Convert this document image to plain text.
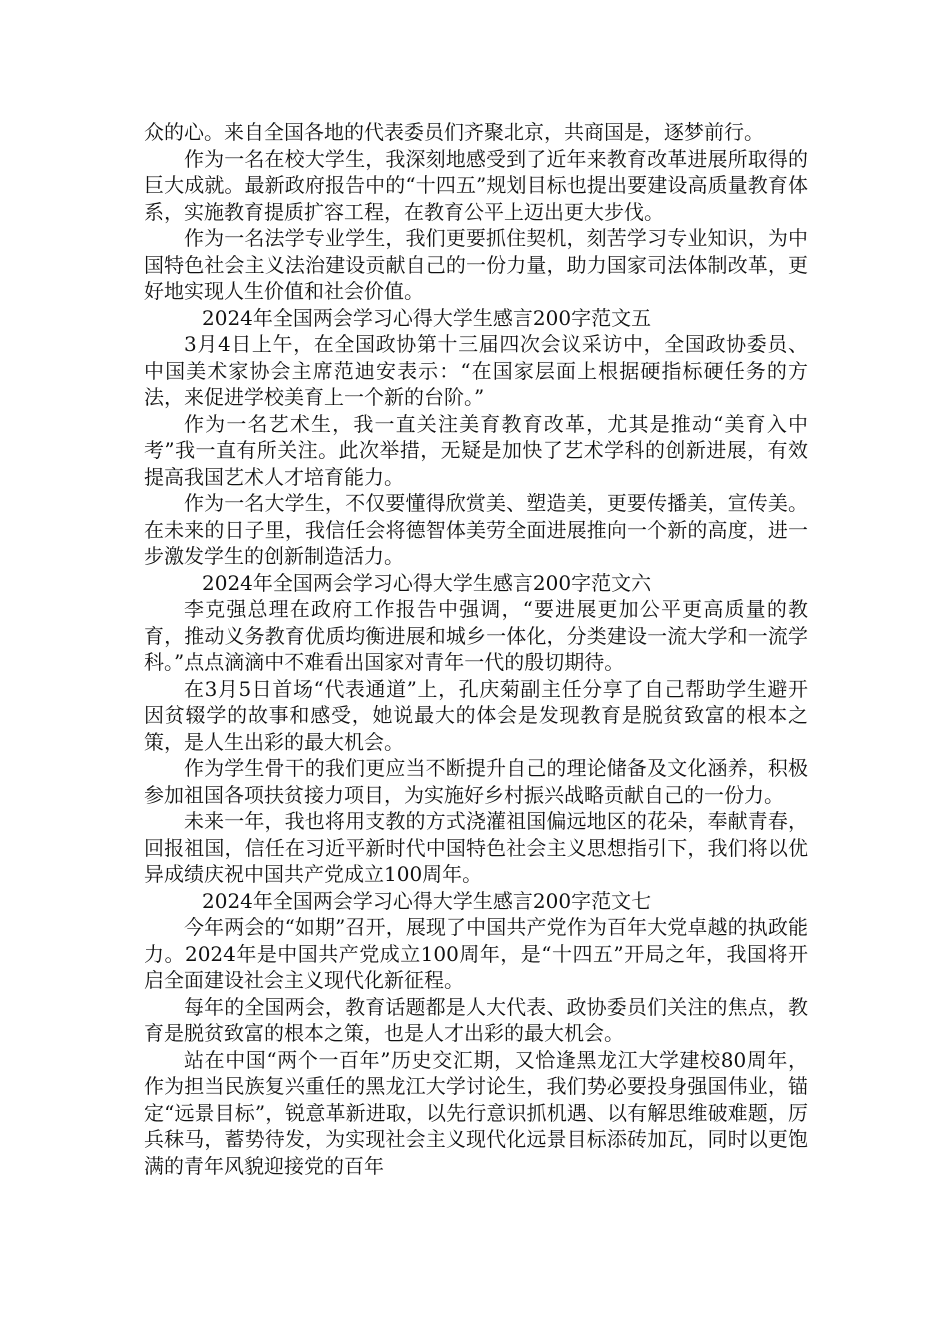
众的心。来自全国各地的代表委员们齐聚北京，共商国是，逐梦前行。

作为一名在校大学生，我深刻地感受到了近年来教育改革进展所取得的巨大成就。最新政府报告中的“十四五”规划目标也提出要建设高质量教育体系，实施教育提质扩容工程，在教育公平上迈出更大步伐。

作为一名法学专业学生，我们更要抓住契机，刻苦学习专业知识，为中国特色社会主义法治建设贡献自己的一份力量，助力国家司法体制改革，更好地实现人生价值和社会价值。

2024年全国两会学习心得大学生感言200字范文五

3月4日上午，在全国政协第十三届四次会议采访中，全国政协委员、中国美术家协会主席范迪安表示：“在国家层面上根据硬指标硬任务的方法，来促进学校美育上一个新的台阶。”

作为一名艺术生，我一直关注美育教育改革，尤其是推动“美育入中考”我一直有所关注。此次举措，无疑是加快了艺术学科的创新进展，有效提高我国艺术人才培育能力。

作为一名大学生，不仅要懂得欣赏美、塑造美，更要传播美，宣传美。在未来的日子里，我信任会将德智体美劳全面进展推向一个新的高度，进一步激发学生的创新制造活力。

2024年全国两会学习心得大学生感言200字范文六

李克强总理在政府工作报告中强调，“要进展更加公平更高质量的教育，推动义务教育优质均衡进展和城乡一体化，分类建设一流大学和一流学科。”点点滴滴中不难看出国家对青年一代的殷切期待。

在3月5日首场“代表通道”上，孔庆菊副主任分享了自己帮助学生避开因贫辍学的故事和感受，她说最大的体会是发现教育是脱贫致富的根本之策，是人生出彩的最大机会。

作为学生骨干的我们更应当不断提升自己的理论储备及文化涵养，积极参加祖国各项扶贫接力项目，为实施好乡村振兴战略贡献自己的一份力。

未来一年，我也将用支教的方式浇灌祖国偏远地区的花朵，奉献青春，回报祖国，信任在习近平新时代中国特色社会主义思想指引下，我们将以优异成绩庆祝中国共产党成立100周年。

2024年全国两会学习心得大学生感言200字范文七

今年两会的“如期”召开，展现了中国共产党作为百年大党卓越的执政能力。2024年是中国共产党成立100周年，是“十四五”开局之年，我国将开启全面建设社会主义现代化新征程。

每年的全国两会，教育话题都是人大代表、政协委员们关注的焦点，教育是脱贫致富的根本之策，也是人才出彩的最大机会。

站在中国“两个一百年”历史交汇期，又恰逢黑龙江大学建校80周年，作为担当民族复兴重任的黑龙江大学讨论生，我们势必要投身强国伟业，锚定“远景目标”，锐意革新进取，以先行意识抓机遇、以有解思维破难题，厉兵秣马，蓄势待发，为实现社会主义现代化远景目标添砖加瓦，同时以更饱满的青年风貌迎接党的百年
